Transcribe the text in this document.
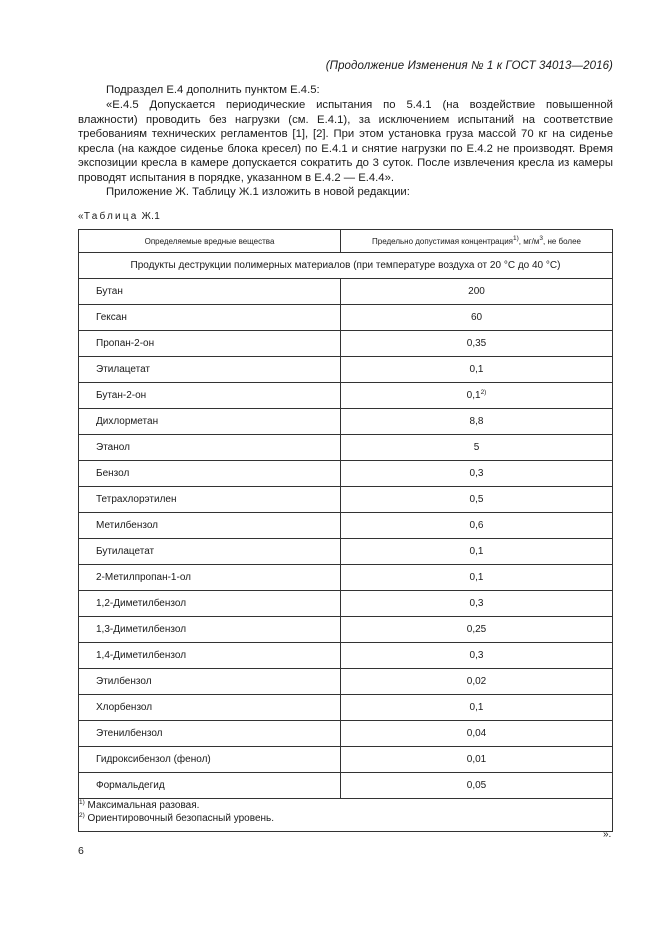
(Продолжение Изменения № 1 к ГОСТ 34013—2016)
Подраздел Е.4 дополнить пунктом Е.4.5:
«Е.4.5 Допускается периодические испытания по 5.4.1 (на воздействие повышенной влажности) проводить без нагрузки (см. Е.4.1), за исключением испытаний на соответствие требованиям технических регламентов [1], [2]. При этом установка груза массой 70 кг на сиденье кресла (на каждое сиденье блока кресел) по Е.4.1 и снятие нагрузки по Е.4.2 не производят. Время экспозиции кресла в камере допускается сократить до 3 суток. После извлечения кресла из камеры проводят испытания в порядке, указанном в Е.4.2 — Е.4.4».
Приложение Ж. Таблицу Ж.1 изложить в новой редакции:
«Таблица Ж.1
Определяемые вредные вещества	Предельно допустимая концентрация$^{1)}$, $мг/м^3$, не более
Продукты деструкции полимерных материалов (при температуре воздуха от 20 °С до 40 °С)	
Бутан	200
Гексан	60
Пропан-2-он	0,35
Этилацетат	0,1
Бутан-2-он	0,1$^{2)}$
Дихлорметан	8,8
Этанол	5
Бензол	0,3
Тетрахлорэтилен	0,5
Метилбензол	0,6
Бутилацетат	0,1
2-Метилпропан-1-ол	0,1
1,2-Диметилбензол	0,3
1,3-Диметилбензол	0,25
1,4-Диметилбензол	0,3
Этилбензол	0,02
Хлорбензол	0,1
Этенилбензол	0,04
Гидроксибензол (фенол)	0,01
Формальдегид	0,05

$^{1)}$ Максимальная разовая.
$^{2)}$ Ориентировочный безопасный уровень.	
».
6
